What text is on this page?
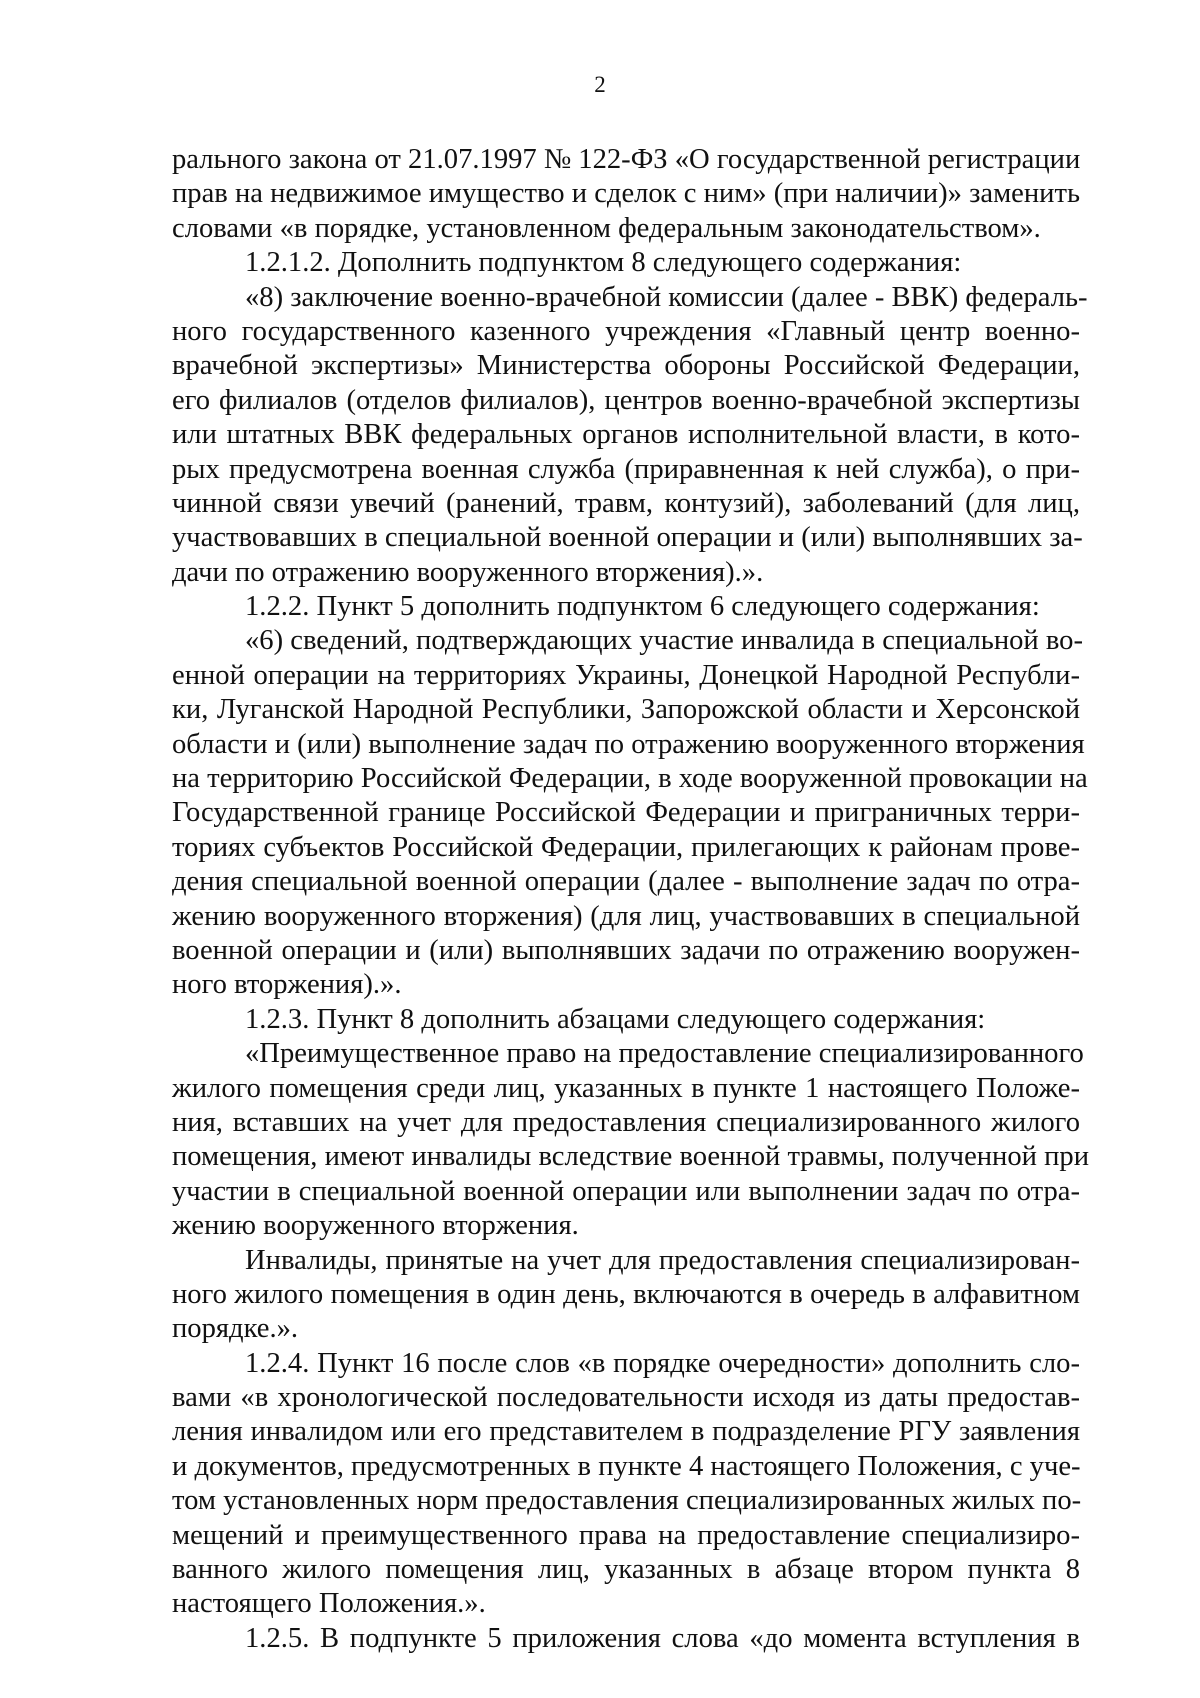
2
рального закона от 21.07.1997 № 122-ФЗ «О государственной регистрации
прав на недвижимое имущество и сделок с ним» (при наличии)» заменить
словами «в порядке, установленном федеральным законодательством».
1.2.1.2. Дополнить подпунктом 8 следующего содержания:
«8) заключение военно-врачебной комиссии (далее - ВВК) федераль-
ного государственного казенного учреждения «Главный центр военно-
врачебной экспертизы» Министерства обороны Российской Федерации,
его филиалов (отделов филиалов), центров военно-врачебной экспертизы
или штатных ВВК федеральных органов исполнительной власти, в кото-
рых предусмотрена военная служба (приравненная к ней служба), о при-
чинной связи увечий (ранений, травм, контузий), заболеваний (для лиц,
участвовавших в специальной военной операции и (или) выполнявших за-
дачи по отражению вооруженного вторжения).».
1.2.2. Пункт 5 дополнить подпунктом 6 следующего содержания:
«6) сведений, подтверждающих участие инвалида в специальной во-
енной операции на территориях Украины, Донецкой Народной Республи-
ки, Луганской Народной Республики, Запорожской области и Херсонской
области и (или) выполнение задач по отражению вооруженного вторжения
на территорию Российской Федерации, в ходе вооруженной провокации на
Государственной границе Российской Федерации и приграничных терри-
ториях субъектов Российской Федерации, прилегающих к районам прове-
дения специальной военной операции (далее - выполнение задач по отра-
жению вооруженного вторжения) (для лиц, участвовавших в специальной
военной операции и (или) выполнявших задачи по отражению вооружен-
ного вторжения).».
1.2.3. Пункт 8 дополнить абзацами следующего содержания:
«Преимущественное право на предоставление специализированного
жилого помещения среди лиц, указанных в пункте 1 настоящего Положе-
ния, вставших на учет для предоставления специализированного жилого
помещения, имеют инвалиды вследствие военной травмы, полученной при
участии в специальной военной операции или выполнении задач по отра-
жению вооруженного вторжения.
Инвалиды, принятые на учет для предоставления специализирован-
ного жилого помещения в один день, включаются в очередь в алфавитном
порядке.».
1.2.4. Пункт 16 после слов «в порядке очередности» дополнить сло-
вами «в хронологической последовательности исходя из даты предостав-
ления инвалидом или его представителем в подразделение РГУ заявления
и документов, предусмотренных в пункте 4 настоящего Положения, с уче-
том установленных норм предоставления специализированных жилых по-
мещений и преимущественного права на предоставление специализиро-
ванного жилого помещения лиц, указанных в абзаце втором пункта 8
настоящего Положения.».
1.2.5. В подпункте 5 приложения слова «до момента вступления в
